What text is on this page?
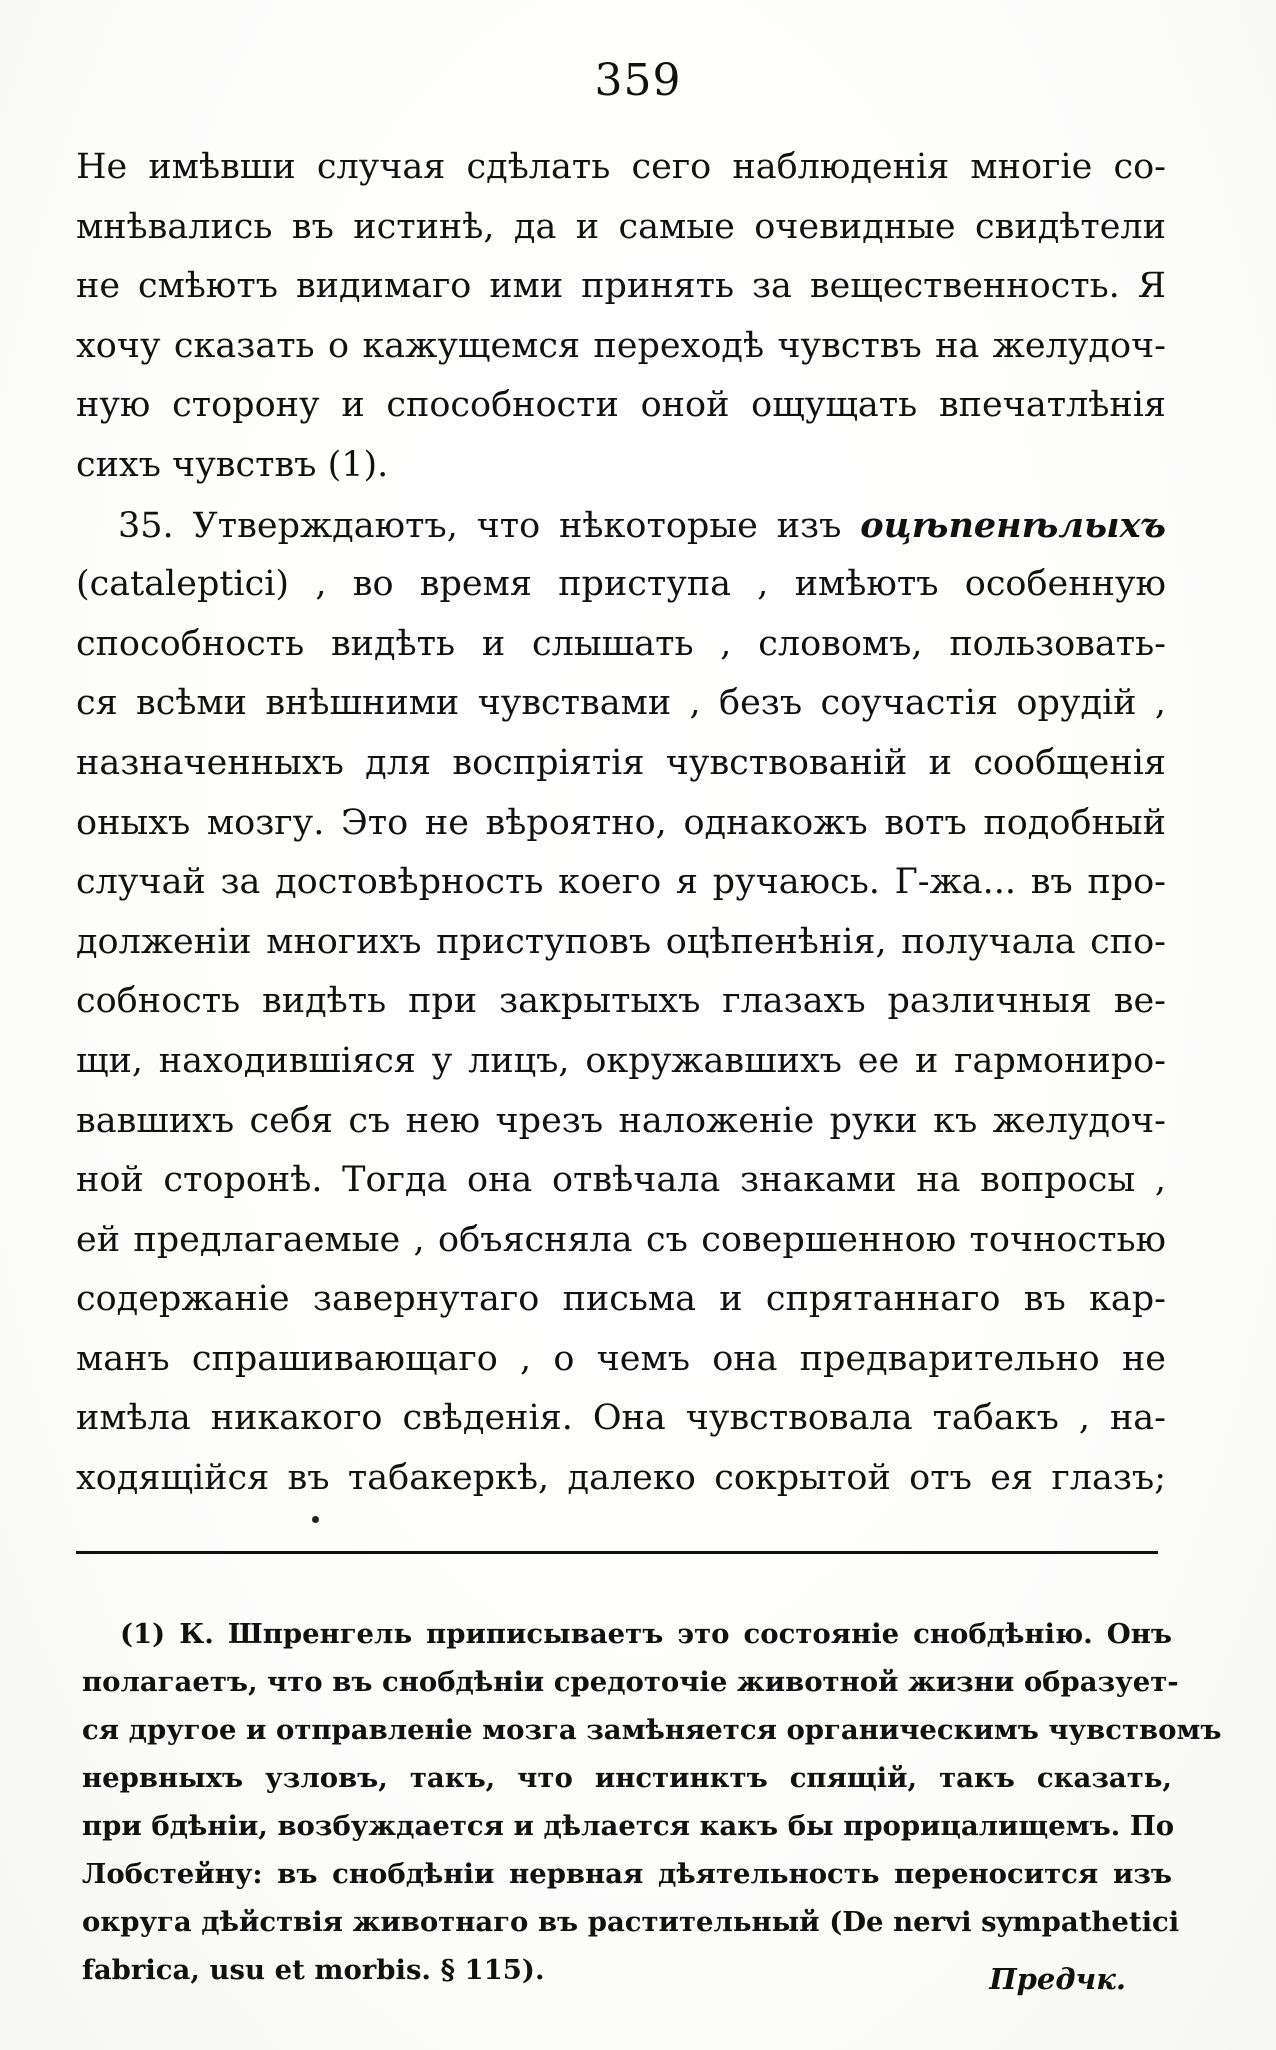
359
Не имѣвши случая сдѣлать сего наблюденія многіе со-
мнѣвались въ истинѣ, да и самые очевидные свидѣтели
не смѣютъ видимаго ими принять за вещественность. Я
хочу сказать о кажущемся переходѣ чувствъ на желудоч-
ную сторону и способности оной ощущать впечатлѣнія
сихъ чувствъ (1).
35. Утверждаютъ, что нѣкоторые изъ оцѣпенѣлыхъ
(cataleptici) , во время приступа , имѣютъ особенную
способность видѣть и слышать , словомъ, пользовать-
ся всѣми внѣшними чувствами , безъ соучастія орудій ,
назначенныхъ для воспріятія чувствованій и сообщенія
оныхъ мозгу. Это не вѣроятно, однакожъ вотъ подобный
случай за достовѣрность коего я ручаюсь. Г-жа... въ про-
долженіи многихъ приступовъ оцѣпенѣнія, получала спо-
собность видѣть при закрытыхъ глазахъ различныя ве-
щи, находившіяся у лицъ, окружавшихъ ее и гармониро-
вавшихъ себя съ нею чрезъ наложеніе руки къ желудоч-
ной сторонѣ. Тогда она отвѣчала знаками на вопросы ,
ей предлагаемые , объясняла съ совершенною точностью
содержаніе завернутаго письма и спрятаннаго въ кар-
манъ спрашивающаго , о чемъ она предварительно не
имѣла никакого свѣденія. Она чувствовала табакъ , на-
ходящійся въ табакеркѣ, далеко сокрытой отъ ея глазъ;
(1) К. Шпренгель приписываетъ это состояніе снобдѣнію. Онъ
полагаетъ, что въ снобдѣніи средоточіе животной жизни образует-
ся другое и отправленіе мозга замѣняется органическимъ чувствомъ
нервныхъ узловъ, такъ, что инстинктъ спящій, такъ сказать,
при бдѣніи, возбуждается и дѣлается какъ бы прорицалищемъ. По
Лобстейну: въ снобдѣніи нервная дѣятельность переносится изъ
округа дѣйствія животнаго въ растительный (De nervi sympathetici
fabrica, usu et morbis. § 115).	Предчк.
